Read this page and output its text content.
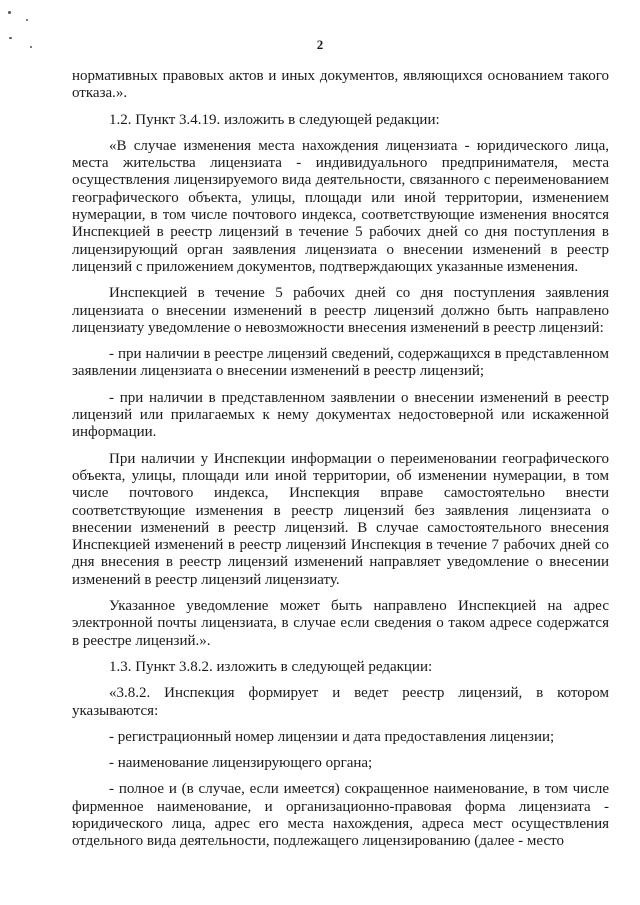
2

нормативных правовых актов и иных документов, являющихся основанием такого отказа.».

1.2. Пункт 3.4.19. изложить в следующей редакции:

«В случае изменения места нахождения лицензиата - юридического лица, места жительства лицензиата - индивидуального предпринимателя, места осуществления лицензируемого вида деятельности, связанного с переименованием географического объекта, улицы, площади или иной территории, изменением нумерации, в том числе почтового индекса, соответствующие изменения вносятся Инспекцией в реестр лицензий в течение 5 рабочих дней со дня поступления в лицензирующий орган заявления лицензиата о внесении изменений в реестр лицензий с приложением документов, подтверждающих указанные изменения.

Инспекцией в течение 5 рабочих дней со дня поступления заявления лицензиата о внесении изменений в реестр лицензий должно быть направлено лицензиату уведомление о невозможности внесения изменений в реестр лицензий:

- при наличии в реестре лицензий сведений, содержащихся в представленном заявлении лицензиата о внесении изменений в реестр лицензий;

- при наличии в представленном заявлении о внесении изменений в реестр лицензий или прилагаемых к нему документах недостоверной или искаженной информации.

При наличии у Инспекции информации о переименовании географического объекта, улицы, площади или иной территории, об изменении нумерации, в том числе почтового индекса, Инспекция вправе самостоятельно внести соответствующие изменения в реестр лицензий без заявления лицензиата о внесении изменений в реестр лицензий. В случае самостоятельного внесения Инспекцией изменений в реестр лицензий Инспекция в течение 7 рабочих дней со дня внесения в реестр лицензий изменений направляет уведомление о внесении изменений в реестр лицензий лицензиату.

Указанное уведомление может быть направлено Инспекцией на адрес электронной почты лицензиата, в случае если сведения о таком адресе содержатся в реестре лицензий.».

1.3. Пункт 3.8.2. изложить в следующей редакции:

«3.8.2. Инспекция формирует и ведет реестр лицензий, в котором указываются:

- регистрационный номер лицензии и дата предоставления лицензии;

- наименование лицензирующего органа;

- полное и (в случае, если имеется) сокращенное наименование, в том числе фирменное наименование, и организационно-правовая форма лицензиата - юридического лица, адрес его места нахождения, адреса мест осуществления отдельного вида деятельности, подлежащего лицензированию (далее - место
